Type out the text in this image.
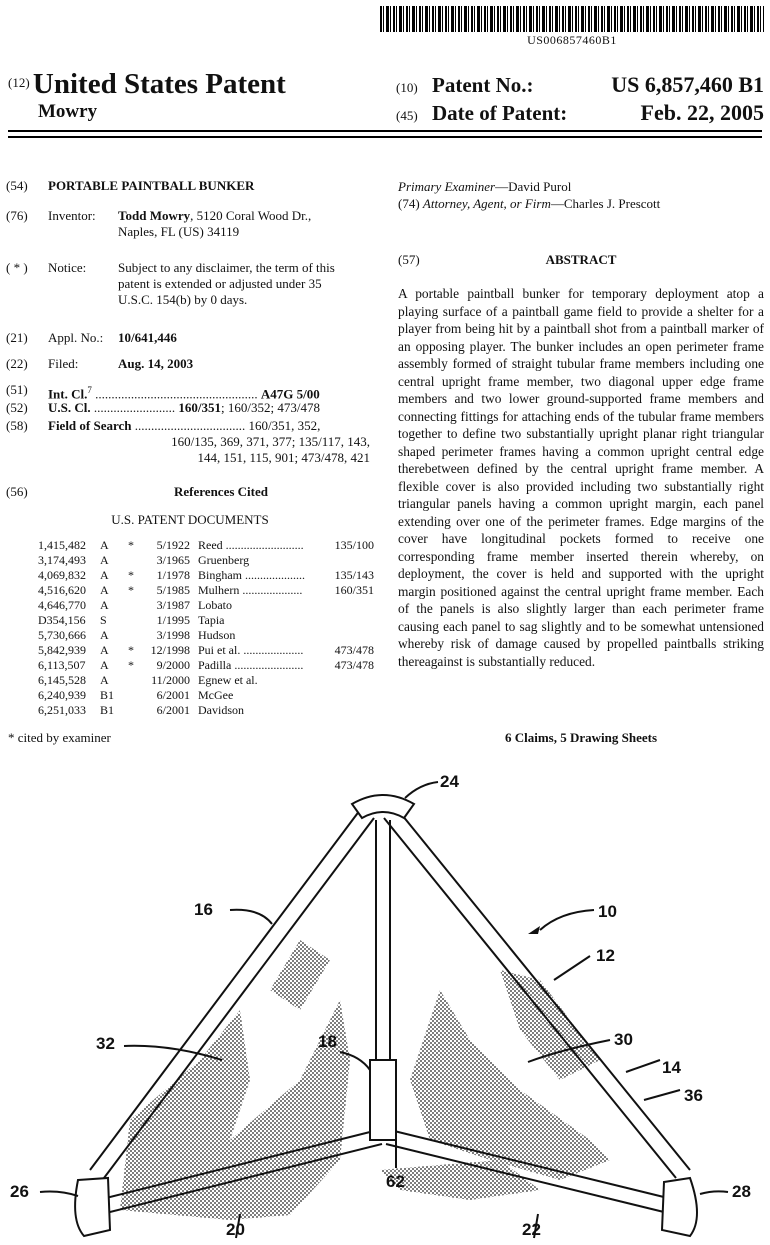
US006857460B1
(12) United States Patent
Mowry
(10) Patent No.:	US 6,857,460 B1
(45) Date of Patent:	Feb. 22, 2005
(54) PORTABLE PAINTBALL BUNKER
(76) Inventor: Todd Mowry, 5120 Coral Wood Dr.,
Naples, FL (US) 34119
( * ) Notice: Subject to any disclaimer, the term of this
patent is extended or adjusted under 35
U.S.C. 154(b) by 0 days.
(21) Appl. No.: 10/641,446
(22) Filed:	Aug. 14, 2003
(51) Int. Cl.$^7$ .................................................. A47G 5/00
(52) U.S. Cl. ......................... 160/351; 160/352; 473/478
(58) Field of Search .................................. 160/351, 352,
160/135, 369, 371, 377; 135/117, 143,
144, 151, 115, 901; 473/478, 421
(56)	References Cited
U.S. PATENT DOCUMENTS
1,415,482	A	*	5/1922	Reed ..........................	135/100
3,174,493	A		3/1965	Gruenberg	
4,069,832	A	*	1/1978	Bingham ....................	135/143
4,516,620	A	*	5/1985	Mulhern ....................	160/351
4,646,770	A		3/1987	Lobato	
D354,156	S		1/1995	Tapia	
5,730,666	A		3/1998	Hudson	
5,842,939	A	*	12/1998	Pui et al. ....................	473/478
6,113,507	A	*	9/2000	Padilla .......................	473/478
6,145,528	A		11/2000	Egnew et al.	
6,240,939	B1		6/2001	McGee	
6,251,033	B1		6/2001	Davidson	
* cited by examiner
Primary Examiner—David Purol
(74) Attorney, Agent, or Firm—Charles J. Prescott
(57)	ABSTRACT
A portable paintball bunker for temporary deployment atop a playing surface of a paintball game field to provide a shelter for a player from being hit by a paintball shot from a paintball marker of an opposing player. The bunker includes an open perimeter frame assembly formed of straight tubular frame members including one central upright frame member, two diagonal upper edge frame members and two lower ground-supported frame members and connecting fittings for attaching ends of the tubular frame members together to define two substantially upright planar right triangular shaped perimeter frames having a common upright central edge therebetween defined by the central upright frame member. A flexible cover is also provided including two substantially right triangular panels having a common upright margin, each panel extending over one of the perimeter frames. Edge margins of the cover have longitudinal pockets formed to receive one corresponding frame member inserted therein whereby, on deployment, the cover is held and supported with the upright margin positioned against the central upright frame member. Each of the panels is also slightly larger than each perimeter frame causing each panel to sag slightly and to be somewhat untensioned whereby risk of damage caused by propelled paintballs striking thereagainst is substantially reduced.
6 Claims, 5 Drawing Sheets
24
10
16
12
18
32	30
14
36
62
26	28
20	22
